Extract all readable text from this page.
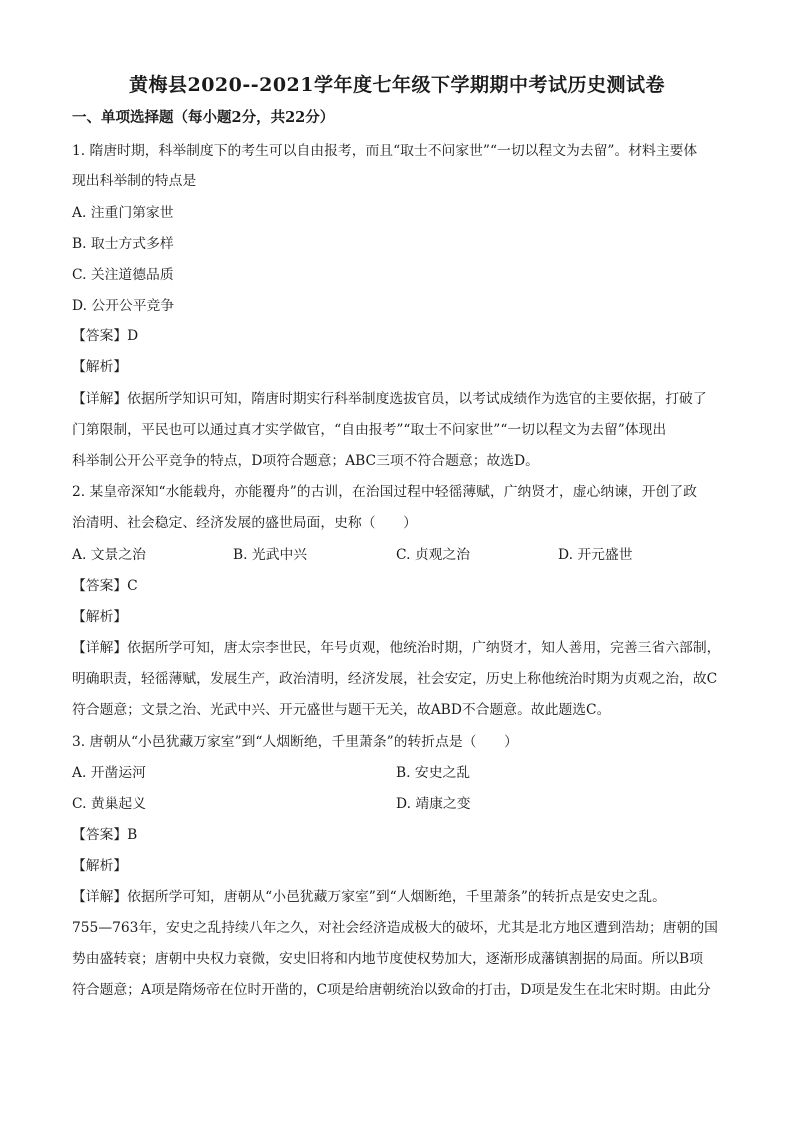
黄梅县2020--2021学年度七年级下学期期中考试历史测试卷
一、单项选择题（每小题2分，共22分）
1. 隋唐时期，科举制度下的考生可以自由报考，而且“取士不问家世”“一切以程文为去留”。材料主要体
现出科举制的特点是
A. 注重门第家世
B. 取士方式多样
C. 关注道德品质
D. 公开公平竞争
【答案】D
【解析】
【详解】依据所学知识可知，隋唐时期实行科举制度选拔官员，以考试成绩作为选官的主要依据，打破了
门第限制，平民也可以通过真才实学做官，“自由报考”“取士不问家世”“一切以程文为去留”体现出
科举制公开公平竞争的特点，D项符合题意；ABC三项不符合题意；故选D。
2. 某皇帝深知“水能载舟，亦能覆舟”的古训，在治国过程中轻徭薄赋，广纳贤才，虚心纳谏，开创了政
治清明、社会稳定、经济发展的盛世局面，史称（　　）
A. 文景之治	B. 光武中兴	C. 贞观之治	D. 开元盛世
【答案】C
【解析】
【详解】依据所学可知，唐太宗李世民，年号贞观，他统治时期，广纳贤才，知人善用，完善三省六部制，
明确职责，轻徭薄赋，发展生产，政治清明，经济发展，社会安定，历史上称他统治时期为贞观之治，故C
符合题意；文景之治、光武中兴、开元盛世与题干无关，故ABD不合题意。故此题选C。
3. 唐朝从“小邑犹藏万家室”到“人烟断绝，千里萧条”的转折点是（　　）
A. 开凿运河	B. 安史之乱
C. 黄巢起义	D. 靖康之变
【答案】B
【解析】
【详解】依据所学可知，唐朝从“小邑犹藏万家室”到“人烟断绝，千里萧条”的转折点是安史之乱。
755—763年，安史之乱持续八年之久，对社会经济造成极大的破坏，尤其是北方地区遭到浩劫；唐朝的国
势由盛转衰；唐朝中央权力衰微，安史旧将和内地节度使权势加大，逐渐形成藩镇割据的局面。所以B项
符合题意；A项是隋炀帝在位时开凿的，C项是给唐朝统治以致命的打击，D项是发生在北宋时期。由此分
